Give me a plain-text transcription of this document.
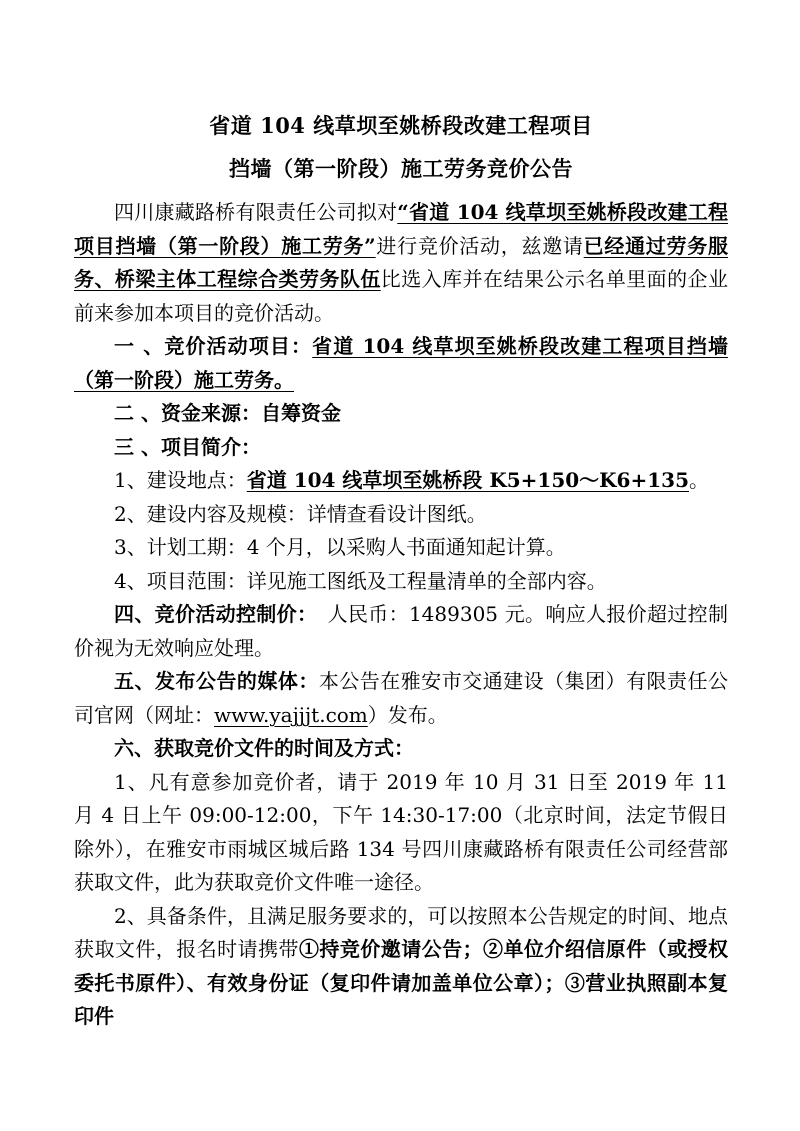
省道 104 线草坝至姚桥段改建工程项目

挡墙（第一阶段）施工劳务竞价公告

四川康藏路桥有限责任公司拟对“省道 104 线草坝至姚桥段改建工程项目挡墙（第一阶段）施工劳务”进行竞价活动，兹邀请已经通过劳务服务、桥梁主体工程综合类劳务队伍比选入库并在结果公示名单里面的企业前来参加本项目的竞价活动。

一 、竞价活动项目：省道 104 线草坝至姚桥段改建工程项目挡墙（第一阶段）施工劳务。

二 、资金来源：自筹资金

三 、项目简介：

1、建设地点：省道 104 线草坝至姚桥段 K5+150～K6+135。

2、建设内容及规模：详情查看设计图纸。

3、计划工期：4 个月，以采购人书面通知起计算。

4、项目范围：详见施工图纸及工程量清单的全部内容。

四、竞价活动控制价：　人民币：1489305 元。响应人报价超过控制价视为无效响应处理。

五、发布公告的媒体：本公告在雅安市交通建设（集团）有限责任公司官网（网址：www.yajjjt.com）发布。

六、获取竞价文件的时间及方式：

1、凡有意参加竞价者，请于 2019 年 10 月 31 日至 2019 年 11 月 4 日上午 09:00-12:00，下午 14:30-17:00（北京时间，法定节假日除外），在雅安市雨城区城后路 134 号四川康藏路桥有限责任公司经营部获取文件，此为获取竞价文件唯一途径。

2、具备条件，且满足服务要求的，可以按照本公告规定的时间、地点获取文件，报名时请携带①持竞价邀请公告；②单位介绍信原件（或授权委托书原件）、有效身份证（复印件请加盖单位公章）；③营业执照副本复印件
